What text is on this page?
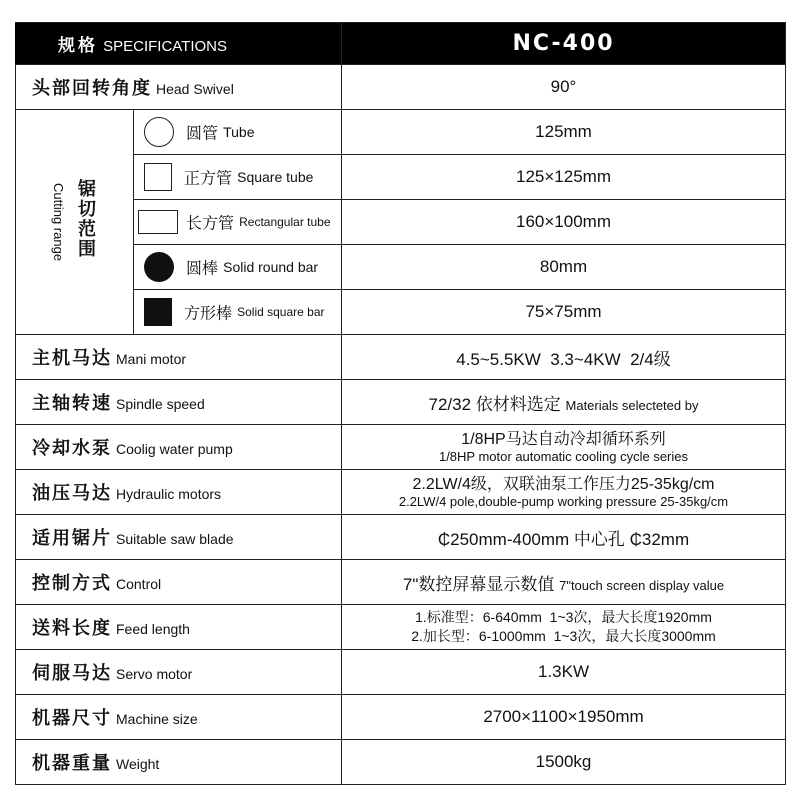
规格 SPECIFICATIONS		NC-400
头部回转角度 Head Swivel		90°

Cutting range 锯切范围	圆管 Tube	125mm
	正方管 Square tube	125×125mm
	长方管 Rectangular tube	160×100mm
	圆棒 Solid round bar	80mm
	方形棒 Solid square bar	75×75mm
主机马达 Mani motor		4.5~5.5KW  3.3~4KW  2/4级
主轴转速 Spindle speed		72/32 依材料选定 Materials selecteted by
冷却水泵 Coolig water pump		1/8HP马达自动冷却循环系列
1/8HP motor automatic cooling cycle series

油压马达 Hydraulic motors		2.2LW/4级，双联油泵工作压力25-35kg/cm
2.2LW/4 pole,double-pump working pressure 25-35kg/cm

适用锯片 Suitable saw blade		₵250mm-400mm 中心孔 ₵32mm
控制方式 Control		7"数控屏幕显示数值 7"touch screen display value
送料长度 Feed length		1.标准型：6-640mm  1~3次，最大长度1920mm
2.加长型：6-1000mm  1~3次，最大长度3000mm

伺服马达 Servo motor		1.3KW
机器尺寸 Machine size		2700×1100×1950mm
机器重量 Weight		1500kg
